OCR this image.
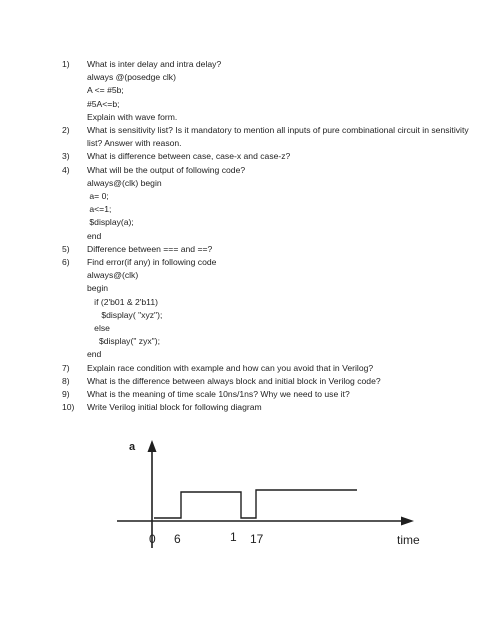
1)	What is inter delay and intra delay?
always @(posedge clk)
A <= #5b;
#5A<=b;
Explain with wave form.
2)	What is sensitivity list? Is it mandatory to mention all inputs of pure combinational circuit in sensitivity list? Answer with reason.
3)	What is difference between case, case-x and case-z?
4)	What will be the output of following code?
always@(clk) begin
a= 0;
a<=1;
$display(a);
end
5)	Difference between === and ==?
6)	Find error(if any) in following code
always@(clk)
begin
if (2'b01 & 2'b11)
$display( "xyz");
else
$display(" zyx");
end
7)	Explain race condition with example and how can you avoid that in Verilog?
8)	What is the difference between always block and initial block in Verilog code?
9)	What is the meaning of time scale 10ns/1ns? Why we need to use it?
10)	Write Verilog initial block for following diagram
a
time
0 6	1 17
